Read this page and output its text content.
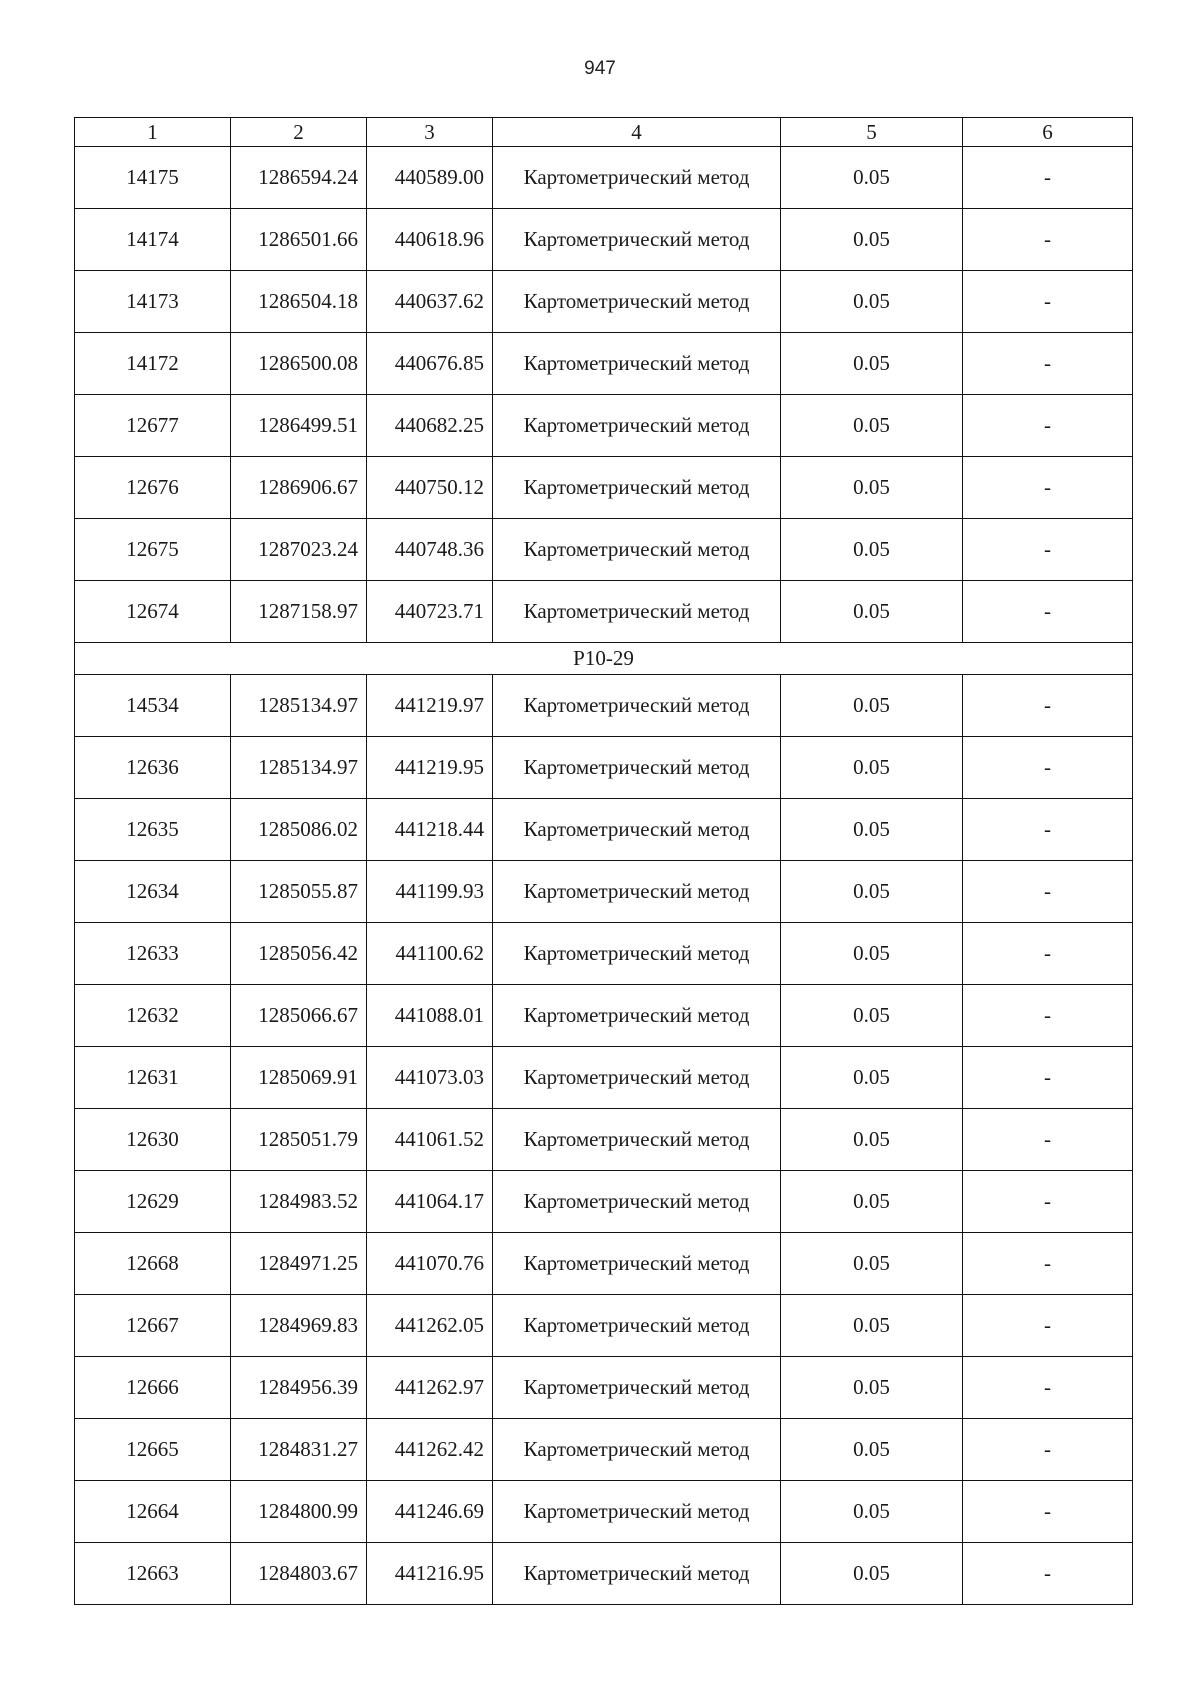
947
1	2	3	4	5	6
14175	1286594.24	440589.00	Картометрический метод	0.05	-
14174	1286501.66	440618.96	Картометрический метод	0.05	-
14173	1286504.18	440637.62	Картометрический метод	0.05	-
14172	1286500.08	440676.85	Картометрический метод	0.05	-
12677	1286499.51	440682.25	Картометрический метод	0.05	-
12676	1286906.67	440750.12	Картометрический метод	0.05	-
12675	1287023.24	440748.36	Картометрический метод	0.05	-
12674	1287158.97	440723.71	Картометрический метод	0.05	-
Р10-29					
14534	1285134.97	441219.97	Картометрический метод	0.05	-
12636	1285134.97	441219.95	Картометрический метод	0.05	-
12635	1285086.02	441218.44	Картометрический метод	0.05	-
12634	1285055.87	441199.93	Картометрический метод	0.05	-
12633	1285056.42	441100.62	Картометрический метод	0.05	-
12632	1285066.67	441088.01	Картометрический метод	0.05	-
12631	1285069.91	441073.03	Картометрический метод	0.05	-
12630	1285051.79	441061.52	Картометрический метод	0.05	-
12629	1284983.52	441064.17	Картометрический метод	0.05	-
12668	1284971.25	441070.76	Картометрический метод	0.05	-
12667	1284969.83	441262.05	Картометрический метод	0.05	-
12666	1284956.39	441262.97	Картометрический метод	0.05	-
12665	1284831.27	441262.42	Картометрический метод	0.05	-
12664	1284800.99	441246.69	Картометрический метод	0.05	-
12663	1284803.67	441216.95	Картометрический метод	0.05	-
